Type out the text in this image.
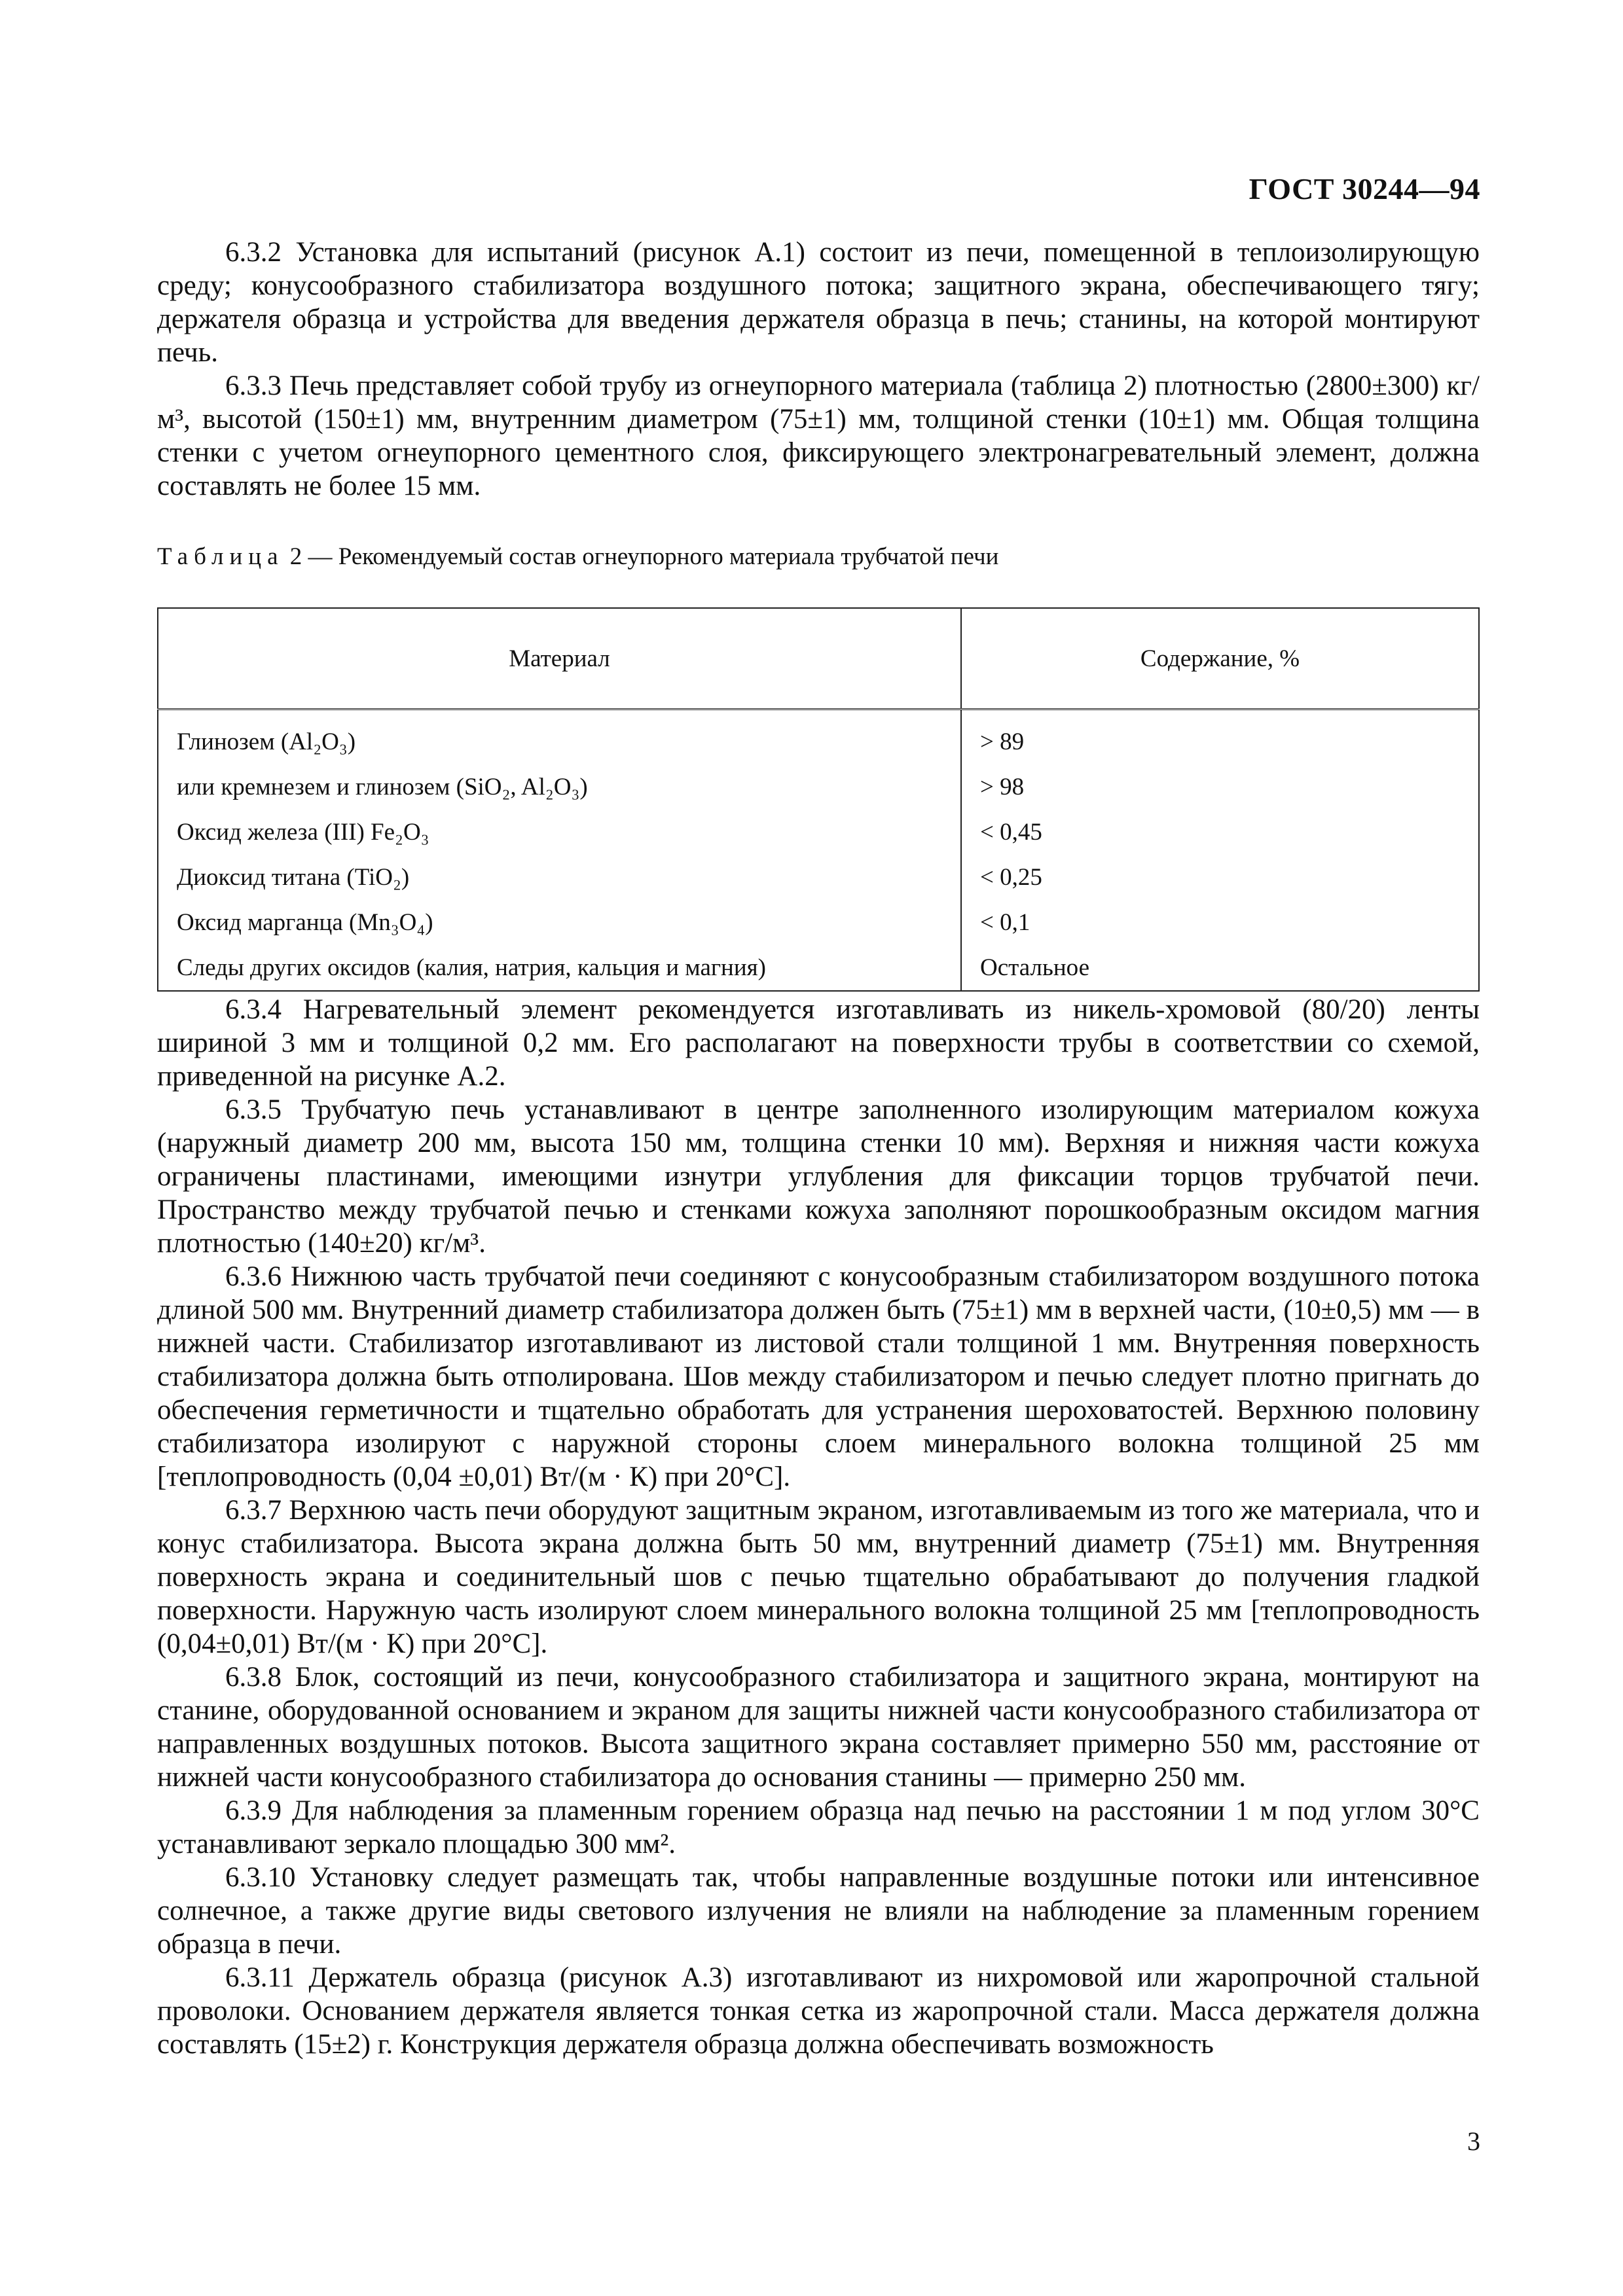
ГОСТ 30244—94

6.3.2 Установка для испытаний (рисунок А.1) состоит из печи, помещенной в теплоизолирующую среду; конусообразного стабилизатора воздушного потока; защитного экрана, обеспечивающего тягу; держателя образца и устройства для введения держателя образца в печь; станины, на которой монтируют печь.

6.3.3 Печь представляет собой трубу из огнеупорного материала (таблица 2) плотностью (2800±300) кг/м³, высотой (150±1) мм, внутренним диаметром (75±1) мм, толщиной стенки (10±1) мм. Общая толщина стенки с учетом огнеупорного цементного слоя, фиксирующего электронагревательный элемент, должна составлять не более 15 мм.

Таблица 2 — Рекомендуемый состав огнеупорного материала трубчатой печи
Материал	Содержание, %
Глинозем (Al₂O₃)	> 89
или кремнезем и глинозем (SiO₂, Al₂O₃)	> 98
Оксид железа (III) Fe₂O₃	< 0,45
Диоксид титана (TiO₂)	< 0,25
Оксид марганца (Mn₃O₄)	< 0,1
Следы других оксидов (калия, натрия, кальция и магния)	Остальное

6.3.4 Нагревательный элемент рекомендуется изготавливать из никель-хромовой (80/20) ленты шириной 3 мм и толщиной 0,2 мм. Его располагают на поверхности трубы в соответствии со схемой, приведенной на рисунке А.2.

6.3.5 Трубчатую печь устанавливают в центре заполненного изолирующим материалом кожуха (наружный диаметр 200 мм, высота 150 мм, толщина стенки 10 мм). Верхняя и нижняя части кожуха ограничены пластинами, имеющими изнутри углубления для фиксации торцов трубчатой печи. Пространство между трубчатой печью и стенками кожуха заполняют порошкообразным оксидом магния плотностью (140±20) кг/м³.

6.3.6 Нижнюю часть трубчатой печи соединяют с конусообразным стабилизатором воздушного потока длиной 500 мм. Внутренний диаметр стабилизатора должен быть (75±1) мм в верхней части, (10±0,5) мм — в нижней части. Стабилизатор изготавливают из листовой стали толщиной 1 мм. Внутренняя поверхность стабилизатора должна быть отполирована. Шов между стабилизатором и печью следует плотно пригнать до обеспечения герметичности и тщательно обработать для устранения шероховатостей. Верхнюю половину стабилизатора изолируют с наружной стороны слоем минерального волокна толщиной 25 мм [теплопроводность (0,04 ±0,01) Вт/(м · К) при 20°С].

6.3.7 Верхнюю часть печи оборудуют защитным экраном, изготавливаемым из того же материала, что и конус стабилизатора. Высота экрана должна быть 50 мм, внутренний диаметр (75±1) мм. Внутренняя поверхность экрана и соединительный шов с печью тщательно обрабатывают до получения гладкой поверхности. Наружную часть изолируют слоем минерального волокна толщиной 25 мм [теплопроводность (0,04±0,01) Вт/(м · К) при 20°С].

6.3.8 Блок, состоящий из печи, конусообразного стабилизатора и защитного экрана, монтируют на станине, оборудованной основанием и экраном для защиты нижней части конусообразного стабилизатора от направленных воздушных потоков. Высота защитного экрана составляет примерно 550 мм, расстояние от нижней части конусообразного стабилизатора до основания станины — примерно 250 мм.

6.3.9 Для наблюдения за пламенным горением образца над печью на расстоянии 1 м под углом 30°С устанавливают зеркало площадью 300 мм².

6.3.10 Установку следует размещать так, чтобы направленные воздушные потоки или интенсивное солнечное, а также другие виды светового излучения не влияли на наблюдение за пламенным горением образца в печи.

6.3.11 Держатель образца (рисунок А.3) изготавливают из нихромовой или жаропрочной стальной проволоки. Основанием держателя является тонкая сетка из жаропрочной стали. Масса держателя должна составлять (15±2) г. Конструкция держателя образца должна обеспечивать возможность

3
